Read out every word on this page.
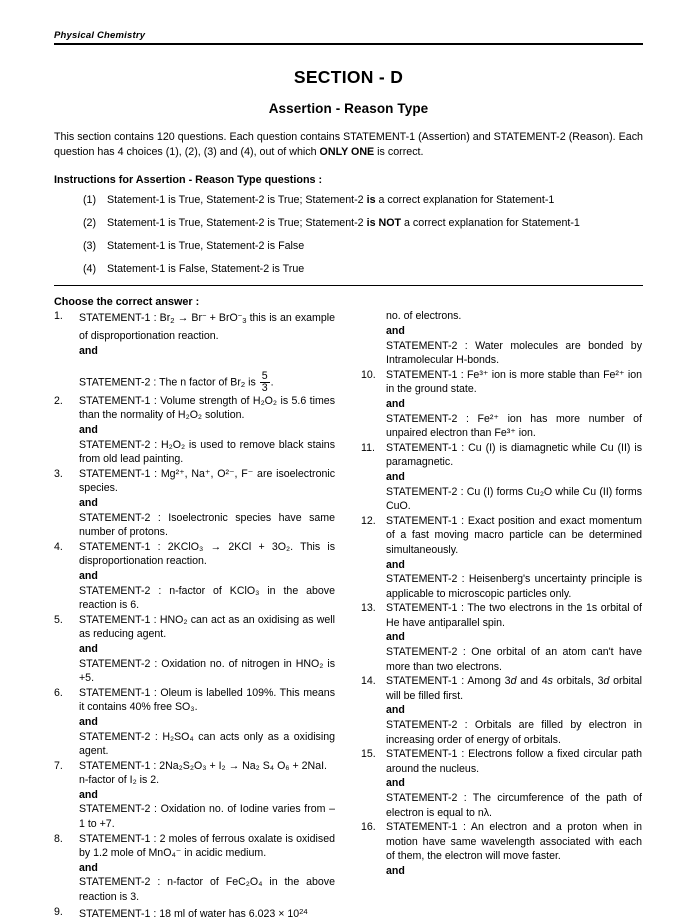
Physical Chemistry
SECTION - D
Assertion - Reason Type
This section contains 120 questions. Each question contains STATEMENT-1 (Assertion) and STATEMENT-2 (Reason). Each question has 4 choices (1), (2), (3) and (4), out of which ONLY ONE is correct.
Instructions for Assertion - Reason Type questions :
(1)	Statement-1 is True, Statement-2 is True; Statement-2 is a correct explanation for Statement-1
(2)	Statement-1 is True, Statement-2 is True; Statement-2 is NOT a correct explanation for Statement-1
(3)	Statement-1 is True, Statement-2 is False
(4)	Statement-1 is False, Statement-2 is True
Choose the correct answer :
1.	STATEMENT-1 : $Br_2 \to Br^- + BrO^-_3$ this is an example of disproportionation reaction.
and
STATEMENT-2 : The n factor of $Br_2$ is $\frac{5}{3}$ .
2.	STATEMENT-1 : Volume strength of H₂O₂ is 5.6 times than the normality of H₂O₂ solution.
and
STATEMENT-2 : H₂O₂ is used to remove black stains from old lead painting.
3.	STATEMENT-1 : Mg²⁺, Na⁺, O²⁻, F⁻ are isoelectronic species.
and
STATEMENT-2 : Isoelectronic species have same number of protons.
4.	STATEMENT-1 : 2KClO₃ → 2KCl + 3O₂. This is disproportionation reaction.
and
STATEMENT-2 : n-factor of KClO₃ in the above reaction is 6.
5.	STATEMENT-1 : HNO₂ can act as an oxidising as well as reducing agent.
and
STATEMENT-2 : Oxidation no. of nitrogen in HNO₂ is +5.
6.	STATEMENT-1 : Oleum is labelled 109%. This means it contains 40% free SO₃.
and
STATEMENT-2 : H₂SO₄ can acts only as a oxidising agent.
7.	STATEMENT-1 : 2Na₂S₂O₃ + I₂ → Na₂ S₄ O₆ + 2NaI. n-factor of I₂ is 2.
and
STATEMENT-2 : Oxidation no. of Iodine varies from –1 to +7.
8.	STATEMENT-1 : 2 moles of ferrous oxalate is oxidised by 1.2 mole of MnO₄⁻ in acidic medium.
and
STATEMENT-2 : n-factor of FeC₂O₄ in the above reaction is 3.
9.	STATEMENT-1 : 18 ml of water has $6.023 \times 10^{24}$
no. of electrons.
and
STATEMENT-2 : Water molecules are bonded by Intramolecular H-bonds.
10. STATEMENT-1 : Fe³⁺ ion is more stable than Fe²⁺ ion in the ground state.
and
STATEMENT-2 : Fe²⁺ ion has more number of unpaired electron than Fe³⁺ ion.
11.	STATEMENT-1 : Cu (I) is diamagnetic while Cu (II) is paramagnetic.
and
STATEMENT-2 : Cu (I) forms Cu₂O while Cu (II) forms CuO.
12. STATEMENT-1 : Exact position and exact momentum of a fast moving macro particle can be determined simultaneously.
and
STATEMENT-2 : Heisenberg's uncertainty principle is applicable to microscopic particles only.
13. STATEMENT-1 : The two electrons in the 1s orbital of He have antiparallel spin.
and
STATEMENT-2 : One orbital of an atom can't have more than two electrons.
14. STATEMENT-1 : Among 3d and 4s orbitals, 3d orbital will be filled first.
and
STATEMENT-2 : Orbitals are filled by electron in increasing order of energy of orbitals.
15. STATEMENT-1 : Electrons follow a fixed circular path around the nucleus.
and
STATEMENT-2 : The circumference of the path of electron is equal to nλ.
16. STATEMENT-1 : An electron and a proton when in motion have same wavelength associated with each of them, the electron will move faster.
and
